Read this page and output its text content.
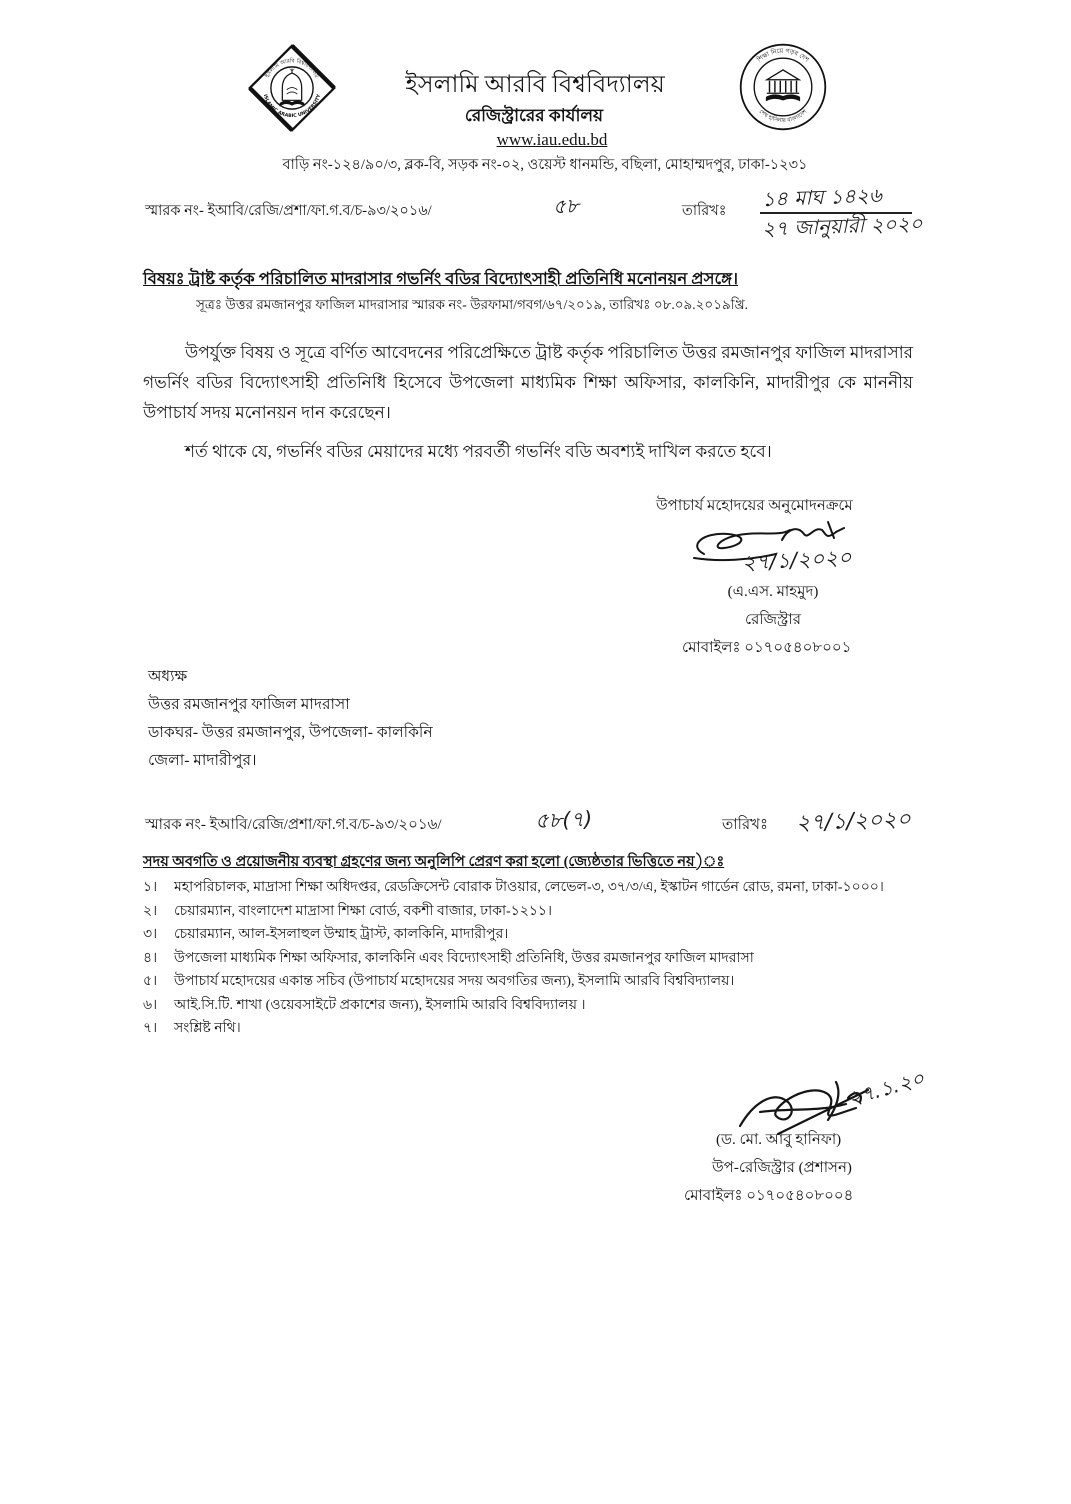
ইসলামি আরবি বিশ্ববিদ্যালয়
ISLAMIC ARABIC UNIVERSITY	ইসলামি আরবি বিশ্ববিদ্যালয়
রেজিস্ট্রারের কার্যালয়
www.iau.edu.bd
বাড়ি নং-১২৪/৯০/৩, ব্লক-বি, সড়ক নং-০২, ওয়েস্ট ধানমন্ডি, বছিলা, মোহাম্মদপুর, ঢাকা-১২৩১
শিক্ষা নিয়ে গড়ব দেশ
শেখ হাসিনার বাংলাদেশ
স্মারক নং- ইআবি/রেজি/প্রশা/ফা.গ.ব/চ-৯৩/২০১৬/	৫৮	তারিখঃ ১৪ মাঘ ১৪২৬
২৭ জানুয়ারী ২০২০
বিষয়ঃ ট্রাষ্ট কর্তৃক পরিচালিত মাদরাসার গভর্নিং বডির বিদ্যোৎসাহী প্রতিনিধি মনোনয়ন প্রসঙ্গে।
সূত্রঃ উত্তর রমজানপুর ফাজিল মাদরাসার স্মারক নং- উরফামা/গবগ/৬৭/২০১৯, তারিখঃ ০৮.০৯.২০১৯খ্রি.
উপর্যুক্ত বিষয় ও সূত্রে বর্ণিত আবেদনের পরিপ্রেক্ষিতে ট্রাষ্ট কর্তৃক পরিচালিত উত্তর রমজানপুর ফাজিল মাদরাসার গভর্নিং বডির বিদ্যোৎসাহী প্রতিনিধি হিসেবে উপজেলা মাধ্যমিক শিক্ষা অফিসার, কালকিনি, মাদারীপুর কে মাননীয় উপাচার্য সদয় মনোনয়ন দান করেছেন।
শর্ত থাকে যে, গভর্নিং বডির মেয়াদের মধ্যে পরবর্তী গভর্নিং বডি অবশ্যই দাখিল করতে হবে।
উপাচার্য মহোদয়ের অনুমোদনক্রমে
২৭/১/২০২০
(এ.এস. মাহমুদ)
রেজিস্ট্রার
মোবাইলঃ ০১৭০৫৪০৮০০১
অধ্যক্ষ
উত্তর রমজানপুর ফাজিল মাদরাসা
ডাকঘর- উত্তর রমজানপুর, উপজেলা- কালকিনি
জেলা- মাদারীপুর।
স্মারক নং- ইআবি/রেজি/প্রশা/ফা.গ.ব/চ-৯৩/২০১৬/	৫৮(৭)	তারিখঃ ২৭/১/২০২০
সদয় অবগতি ও প্রয়োজনীয় ব্যবস্থা গ্রহণের জন্য অনুলিপি প্রেরণ করা হলো (জ্যেষ্ঠতার ভিত্তিতে নয়)ঃ
১। মহাপরিচালক, মাদ্রাসা শিক্ষা অধিদপ্তর, রেডক্রিসেন্ট বোরাক টাওয়ার, লেভেল-৩, ৩৭/৩/এ, ইস্কাটন গার্ডেন রোড, রমনা, ঢাকা-১০০০।
২। চেয়ারম্যান, বাংলাদেশ মাদ্রাসা শিক্ষা বোর্ড, বকশী বাজার, ঢাকা-১২১১।
৩। চেয়ারম্যান, আল-ইসলাহুল উম্মাহ ট্রাস্ট, কালকিনি, মাদারীপুর।
৪। উপজেলা মাধ্যমিক শিক্ষা অফিসার, কালকিনি এবং বিদ্যোৎসাহী প্রতিনিধি, উত্তর রমজানপুর ফাজিল মাদরাসা
৫। উপাচার্য মহোদয়ের একান্ত সচিব (উপাচার্য মহোদয়ের সদয় অবগতির জন্য), ইসলামি আরবি বিশ্ববিদ্যালয়।
৬। আই.সি.টি. শাখা (ওয়েবসাইটে প্রকাশের জন্য), ইসলামি আরবি বিশ্ববিদ্যালয় ।
৭। সংশ্লিষ্ট নথি।
২৭.১.২০
(ড. মো. আবু হানিফা)
উপ-রেজিস্ট্রার (প্রশাসন)
মোবাইলঃ ০১৭০৫৪০৮০০৪
